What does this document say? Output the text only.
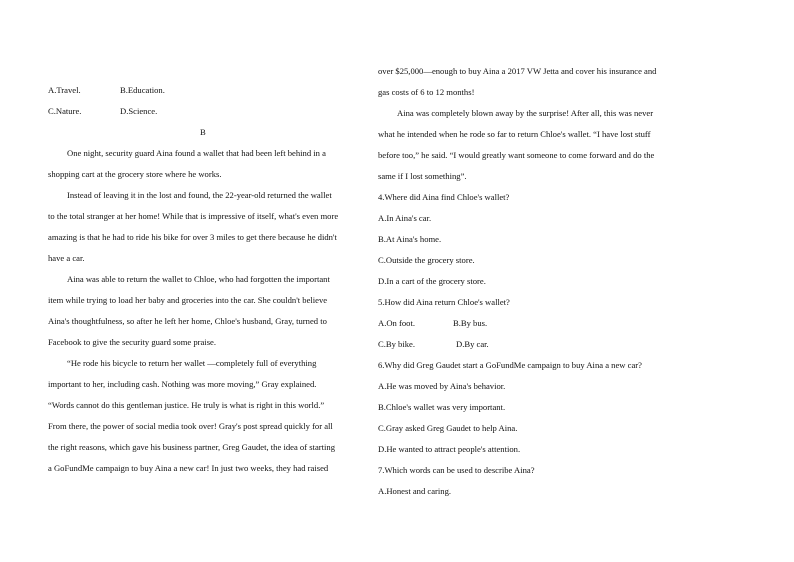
A.Travel.	B.Education.
C.Nature.	D.Science.
B
One night, security guard Aina found a wallet that had been left behind in a
shopping cart at the grocery store where he works.
Instead of leaving it in the lost and found, the 22-year-old returned the wallet
to the total stranger at her home! While that is impressive of itself, what's even more
amazing is that he had to ride his bike for over 3 miles to get there because he didn't
have a car.
Aina was able to return the wallet to Chloe, who had forgotten the important
item while trying to load her baby and groceries into the car. She couldn't believe
Aina's thoughtfulness, so after he left her home, Chloe's husband, Gray, turned to
Facebook to give the security guard some praise.
“He rode his bicycle to return her wallet —completely full of everything
important to her, including cash. Nothing was more moving,” Gray explained.
“Words cannot do this gentleman justice. He truly is what is right in this world.”
From there, the power of social media took over! Gray's post spread quickly for all
the right reasons, which gave his business partner, Greg Gaudet, the idea of starting
a GoFundMe campaign to buy Aina a new car! In just two weeks, they had raised
over $25,000—enough to buy Aina a 2017 VW Jetta and cover his insurance and
gas costs of 6 to 12 months!
Aina was completely blown away by the surprise! After all, this was never
what he intended when he rode so far to return Chloe's wallet. “I have lost stuff
before too,” he said. “I would greatly want someone to come forward and do the
same if I lost something”.
4.Where did Aina find Chloe's wallet?
A.In Aina's car.
B.At Aina's home.
C.Outside the grocery store.
D.In a cart of the grocery store.
5.How did Aina return Chloe's wallet?
A.On foot.	B.By bus.
C.By bike.	D.By car.
6.Why did Greg Gaudet start a GoFundMe campaign to buy Aina a new car?
A.He was moved by Aina's behavior.
B.Chloe's wallet was very important.
C.Gray asked Greg Gaudet to help Aina.
D.He wanted to attract people's attention.
7.Which words can be used to describe Aina?
A.Honest and caring.
